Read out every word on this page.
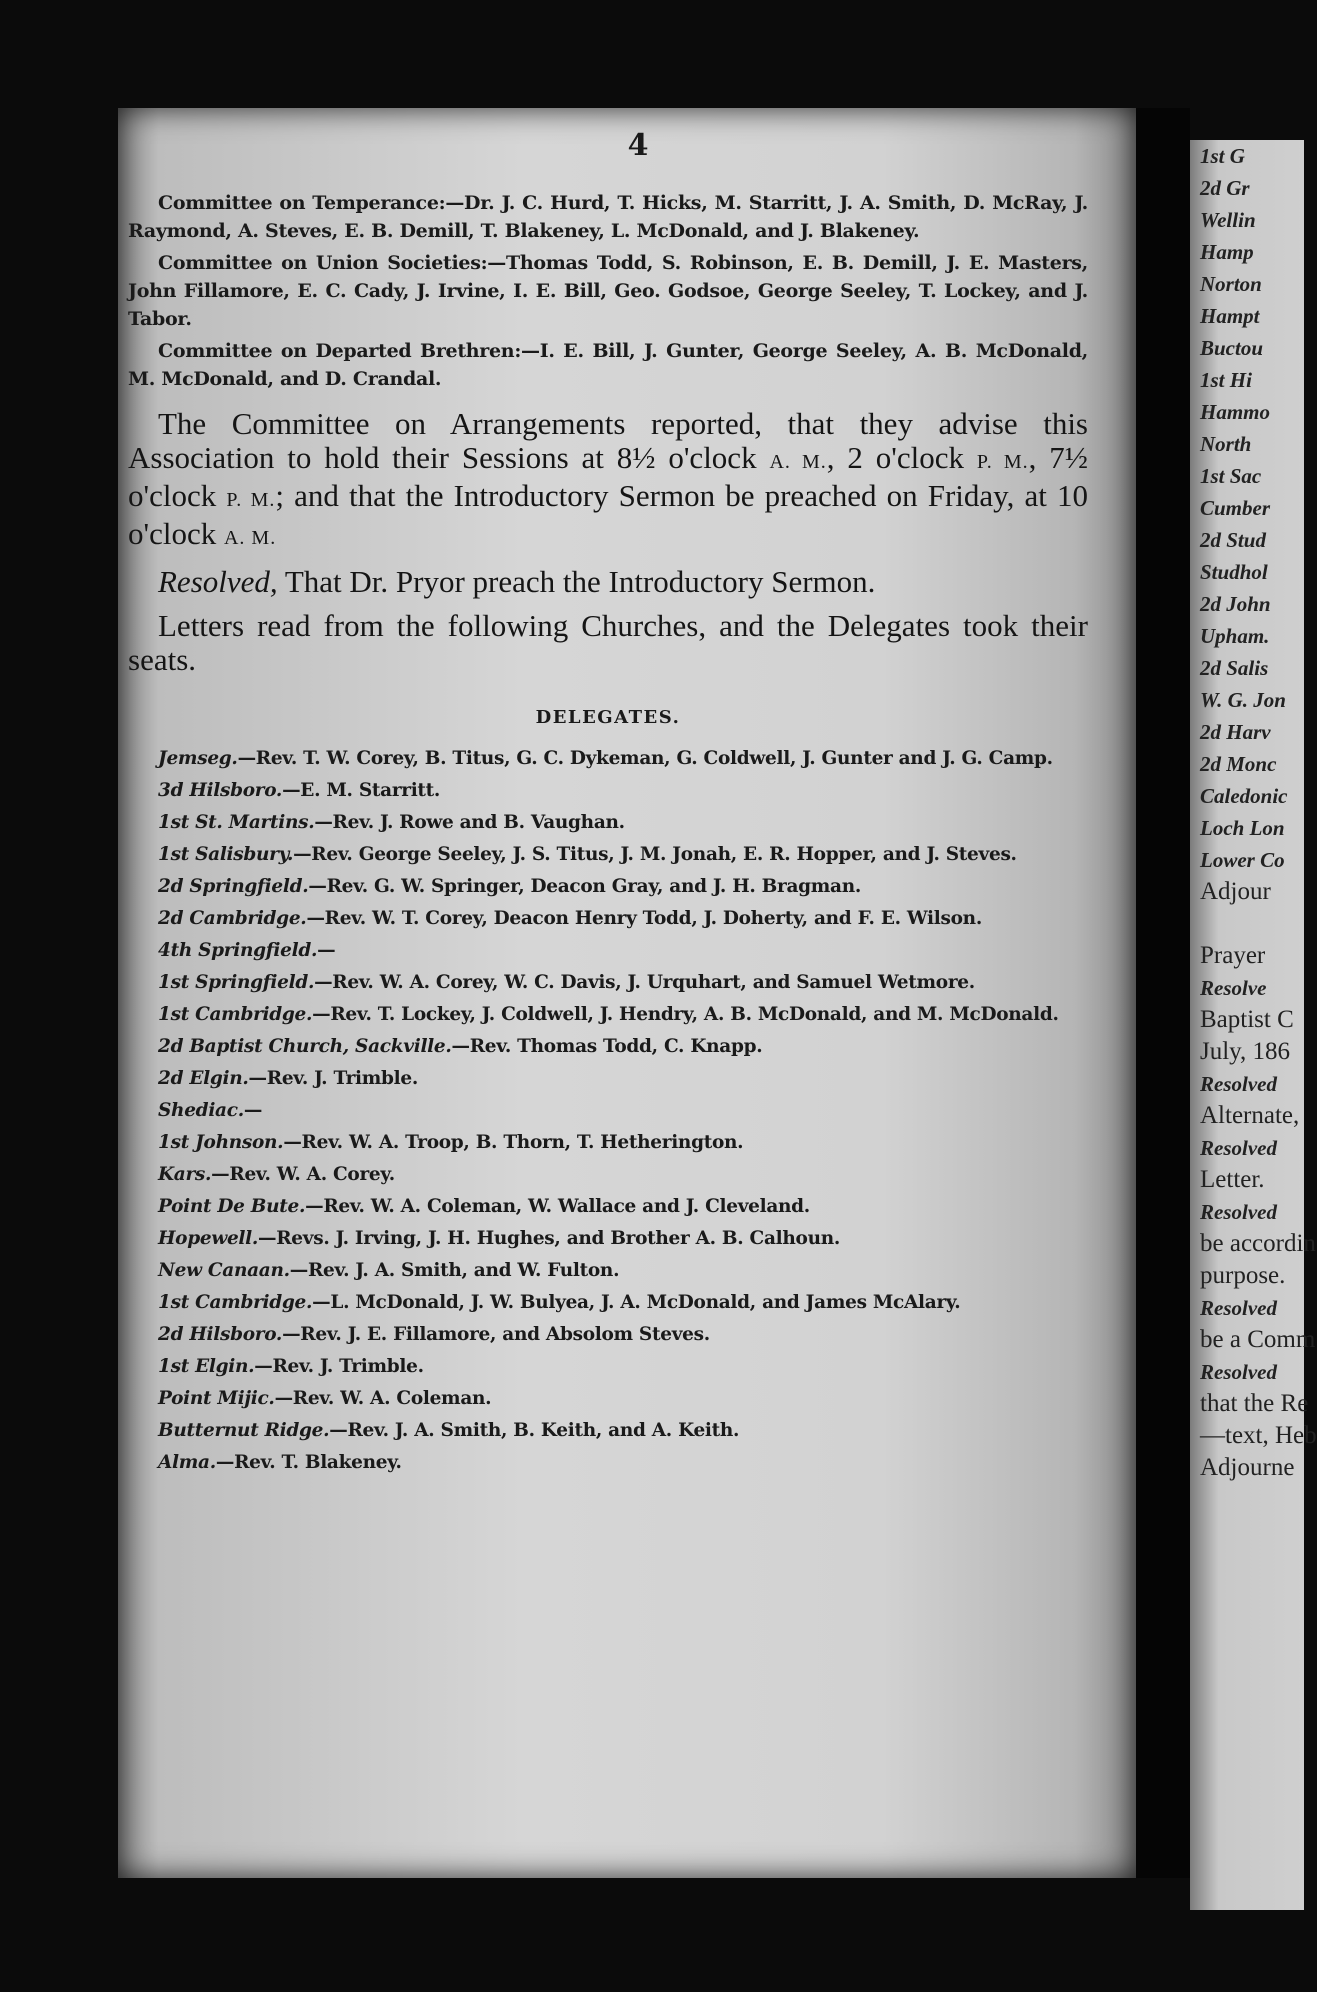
1st G
2d Gr
Wellin
Hamp
Norton
Hampt
Buctou
1st Hi
Hammo
North
1st Sac
Cumber
2d Stud
Studhol
2d John
Upham.
2d Salis
W. G. Jon
2d Harv
2d Monc
Caledonic
Loch Lon
Lower Co
Adjour
Prayer
Resolve
Baptist C
July, 186
Resolved
Alternate,
Resolved
Letter.
Resolved
be accordin
purpose.
Resolved
be a Comm
Resolved
that the Re
—text, Heb
Adjourne
4

Committee on Temperance:—Dr. J. C. Hurd, T. Hicks, M. Starritt, J. A. Smith, D. McRay, J. Raymond, A. Steves, E. B. Demill, T. Blakeney, L. McDonald, and J. Blakeney.

Committee on Union Societies:—Thomas Todd, S. Robinson, E. B. Demill, J. E. Masters, John Fillamore, E. C. Cady, J. Irvine, I. E. Bill, Geo. Godsoe, George Seeley, T. Lockey, and J. Tabor.

Committee on Departed Brethren:—I. E. Bill, J. Gunter, George Seeley, A. B. McDonald, M. McDonald, and D. Crandal.

The Committee on Arrangements reported, that they advise this Association to hold their Sessions at 8½ o'clock A. M., 2 o'clock P. M., 7½ o'clock P. M.; and that the Introductory Sermon be preached on Friday, at 10 o'clock A. M.

Resolved, That Dr. Pryor preach the Introductory Sermon.

Letters read from the following Churches, and the Delegates took their seats.

DELEGATES.

Jemseg.—Rev. T. W. Corey, B. Titus, G. C. Dykeman, G. Coldwell, J. Gunter and J. G. Camp.

3d Hilsboro.—E. M. Starritt.

1st St. Martins.—Rev. J. Rowe and B. Vaughan.

1st Salisbury.—Rev. George Seeley, J. S. Titus, J. M. Jonah, E. R. Hopper, and J. Steves.

2d Springfield.—Rev. G. W. Springer, Deacon Gray, and J. H. Bragman.

2d Cambridge.—Rev. W. T. Corey, Deacon Henry Todd, J. Doherty, and F. E. Wilson.

4th Springfield.—

1st Springfield.—Rev. W. A. Corey, W. C. Davis, J. Urquhart, and Samuel Wetmore.

1st Cambridge.—Rev. T. Lockey, J. Coldwell, J. Hendry, A. B. McDonald, and M. McDonald.

2d Baptist Church, Sackville.—Rev. Thomas Todd, C. Knapp.

2d Elgin.—Rev. J. Trimble.

Shediac.—

1st Johnson.—Rev. W. A. Troop, B. Thorn, T. Hetherington.

Kars.—Rev. W. A. Corey.

Point De Bute.—Rev. W. A. Coleman, W. Wallace and J. Cleveland.

Hopewell.—Revs. J. Irving, J. H. Hughes, and Brother A. B. Calhoun.

New Canaan.—Rev. J. A. Smith, and W. Fulton.

1st Cambridge.—L. McDonald, J. W. Bulyea, J. A. McDonald, and James McAlary.

2d Hilsboro.—Rev. J. E. Fillamore, and Absolom Steves.

1st Elgin.—Rev. J. Trimble.

Point Mijic.—Rev. W. A. Coleman.

Butternut Ridge.—Rev. J. A. Smith, B. Keith, and A. Keith.

Alma.—Rev. T. Blakeney.
